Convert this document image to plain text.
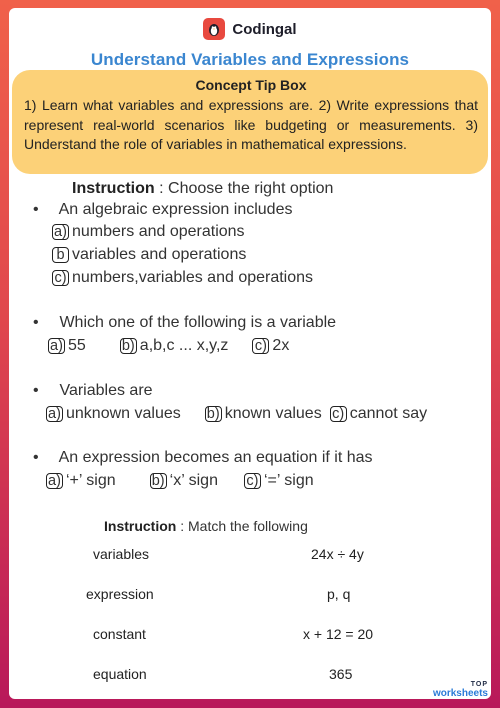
Codingal
Understand Variables and Expressions
Concept Tip Box
1) Learn what variables and expressions are. 2) Write expressions that represent real-world scenarios like budgeting or measurements. 3) Understand the role of variables in mathematical expressions.
Instruction : Choose the right option
• An algebraic expression includes
a) numbers and operations
b variables and operations
c) numbers,variables and operations
• Which one of the following is a variable
a) 55 b) a,b,c ... x,y,z c) 2x
• Variables are
a) unknown values b) known values c) cannot say
• An expression becomes an equation if it has
a) ‘+’ sign b) ‘x’ sign c) ‘=’ sign
Instruction : Match the following
variables
expression
constant
equation
24x ÷ 4y
p, q
x + 12 = 20
365
TOP
worksheets
